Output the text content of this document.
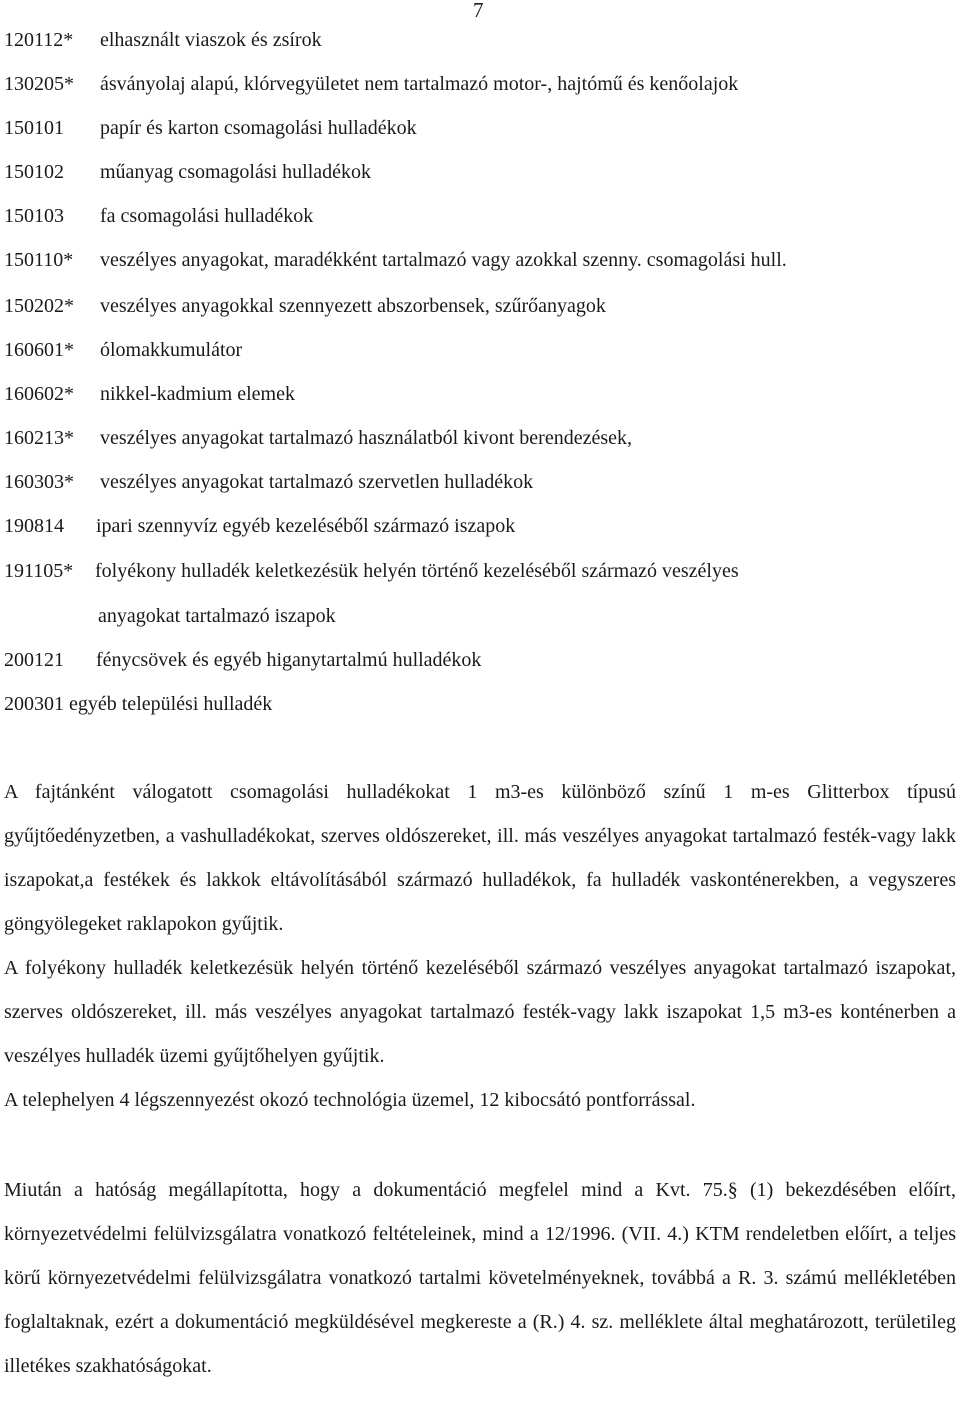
7
120112* elhasznált viaszok és zsírok
130205* ásványolaj alapú, klórvegyületet nem tartalmazó motor-, hajtómű és kenőolajok
150101 papír és karton csomagolási hulladékok
150102 műanyag csomagolási hulladékok
150103 fa csomagolási hulladékok
150110* veszélyes anyagokat, maradékként tartalmazó vagy azokkal szenny. csomagolási hull.
150202* veszélyes anyagokkal szennyezett abszorbensek, szűrőanyagok
160601* ólomakkumulátor
160602* nikkel-kadmium elemek
160213* veszélyes anyagokat tartalmazó használatból kivont berendezések,
160303* veszélyes anyagokat tartalmazó szervetlen hulladékok
190814 ipari szennyvíz egyéb kezeléséből származó iszapok
191105* folyékony hulladék keletkezésük helyén történő kezeléséből származó veszélyes
anyagokat tartalmazó iszapok
200121 fénycsövek és egyéb higanytartalmú hulladékok
200301 egyéb települési hulladék

A fajtánként válogatott csomagolási hulladékokat 1 m3-es különböző színű 1 m-es Glitterbox típusú gyűjtőedényzetben, a vashulladékokat, szerves oldószereket, ill. más veszélyes anyagokat tartalmazó festék-vagy lakk iszapokat,a festékek és lakkok eltávolításából származó hulladékok, fa hulladék vaskonténerekben, a vegyszeres göngyölegeket raklapokon gyűjtik.

A folyékony hulladék keletkezésük helyén történő kezeléséből származó veszélyes anyagokat tartalmazó iszapokat, szerves oldószereket, ill. más veszélyes anyagokat tartalmazó festék-vagy lakk iszapokat 1,5 m3-es konténerben a veszélyes hulladék üzemi gyűjtőhelyen gyűjtik.

A telephelyen 4 légszennyezést okozó technológia üzemel, 12 kibocsátó pontforrással.

Miután a hatóság megállapította, hogy a dokumentáció megfelel mind a Kvt. 75.§ (1) bekezdésében előírt, környezetvédelmi felülvizsgálatra vonatkozó feltételeinek, mind a 12/1996. (VII. 4.) KTM rendeletben előírt, a teljes körű környezetvédelmi felülvizsgálatra vonatkozó tartalmi követelményeknek, továbbá a R. 3. számú mellékletében foglaltaknak, ezért a dokumentáció megküldésével megkereste a (R.) 4. sz. melléklete által meghatározott, területileg illetékes szakhatóságokat.
